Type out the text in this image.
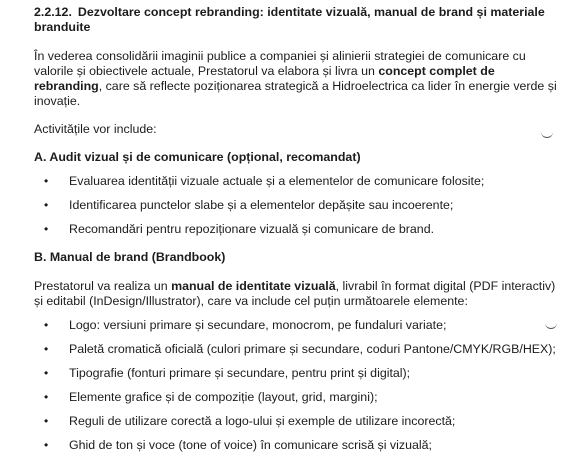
2.2.12. Dezvoltare concept rebranding: identitate vizuală, manual de brand și materiale branduite

În vederea consolidării imaginii publice a companiei și alinierii strategiei de comunicare cu valorile și obiectivele actuale, Prestatorul va elabora și livra un concept complet de rebranding, care să reflecte poziționarea strategică a Hidroelectrica ca lider în energie verde și inovație.

Activitățile vor include:

A. Audit vizual și de comunicare (opțional, recomandat)

• Evaluarea identității vizuale actuale și a elementelor de comunicare folosite;
• Identificarea punctelor slabe și a elementelor depășite sau incoerente;
• Recomandări pentru repoziționare vizuală și comunicare de brand.

B. Manual de brand (Brandbook)

Prestatorul va realiza un manual de identitate vizuală, livrabil în format digital (PDF interactiv) și editabil (InDesign/Illustrator), care va include cel puțin următoarele elemente:

• Logo: versiuni primare și secundare, monocrom, pe fundaluri variate;
• Paletă cromatică oficială (culori primare și secundare, coduri Pantone/CMYK/RGB/HEX);
• Tipografie (fonturi primare și secundare, pentru print și digital);
• Elemente grafice și de compoziție (layout, grid, margini);
• Reguli de utilizare corectă a logo-ului și exemple de utilizare incorectă;
• Ghid de ton și voce (tone of voice) în comunicare scrisă și vizuală;
